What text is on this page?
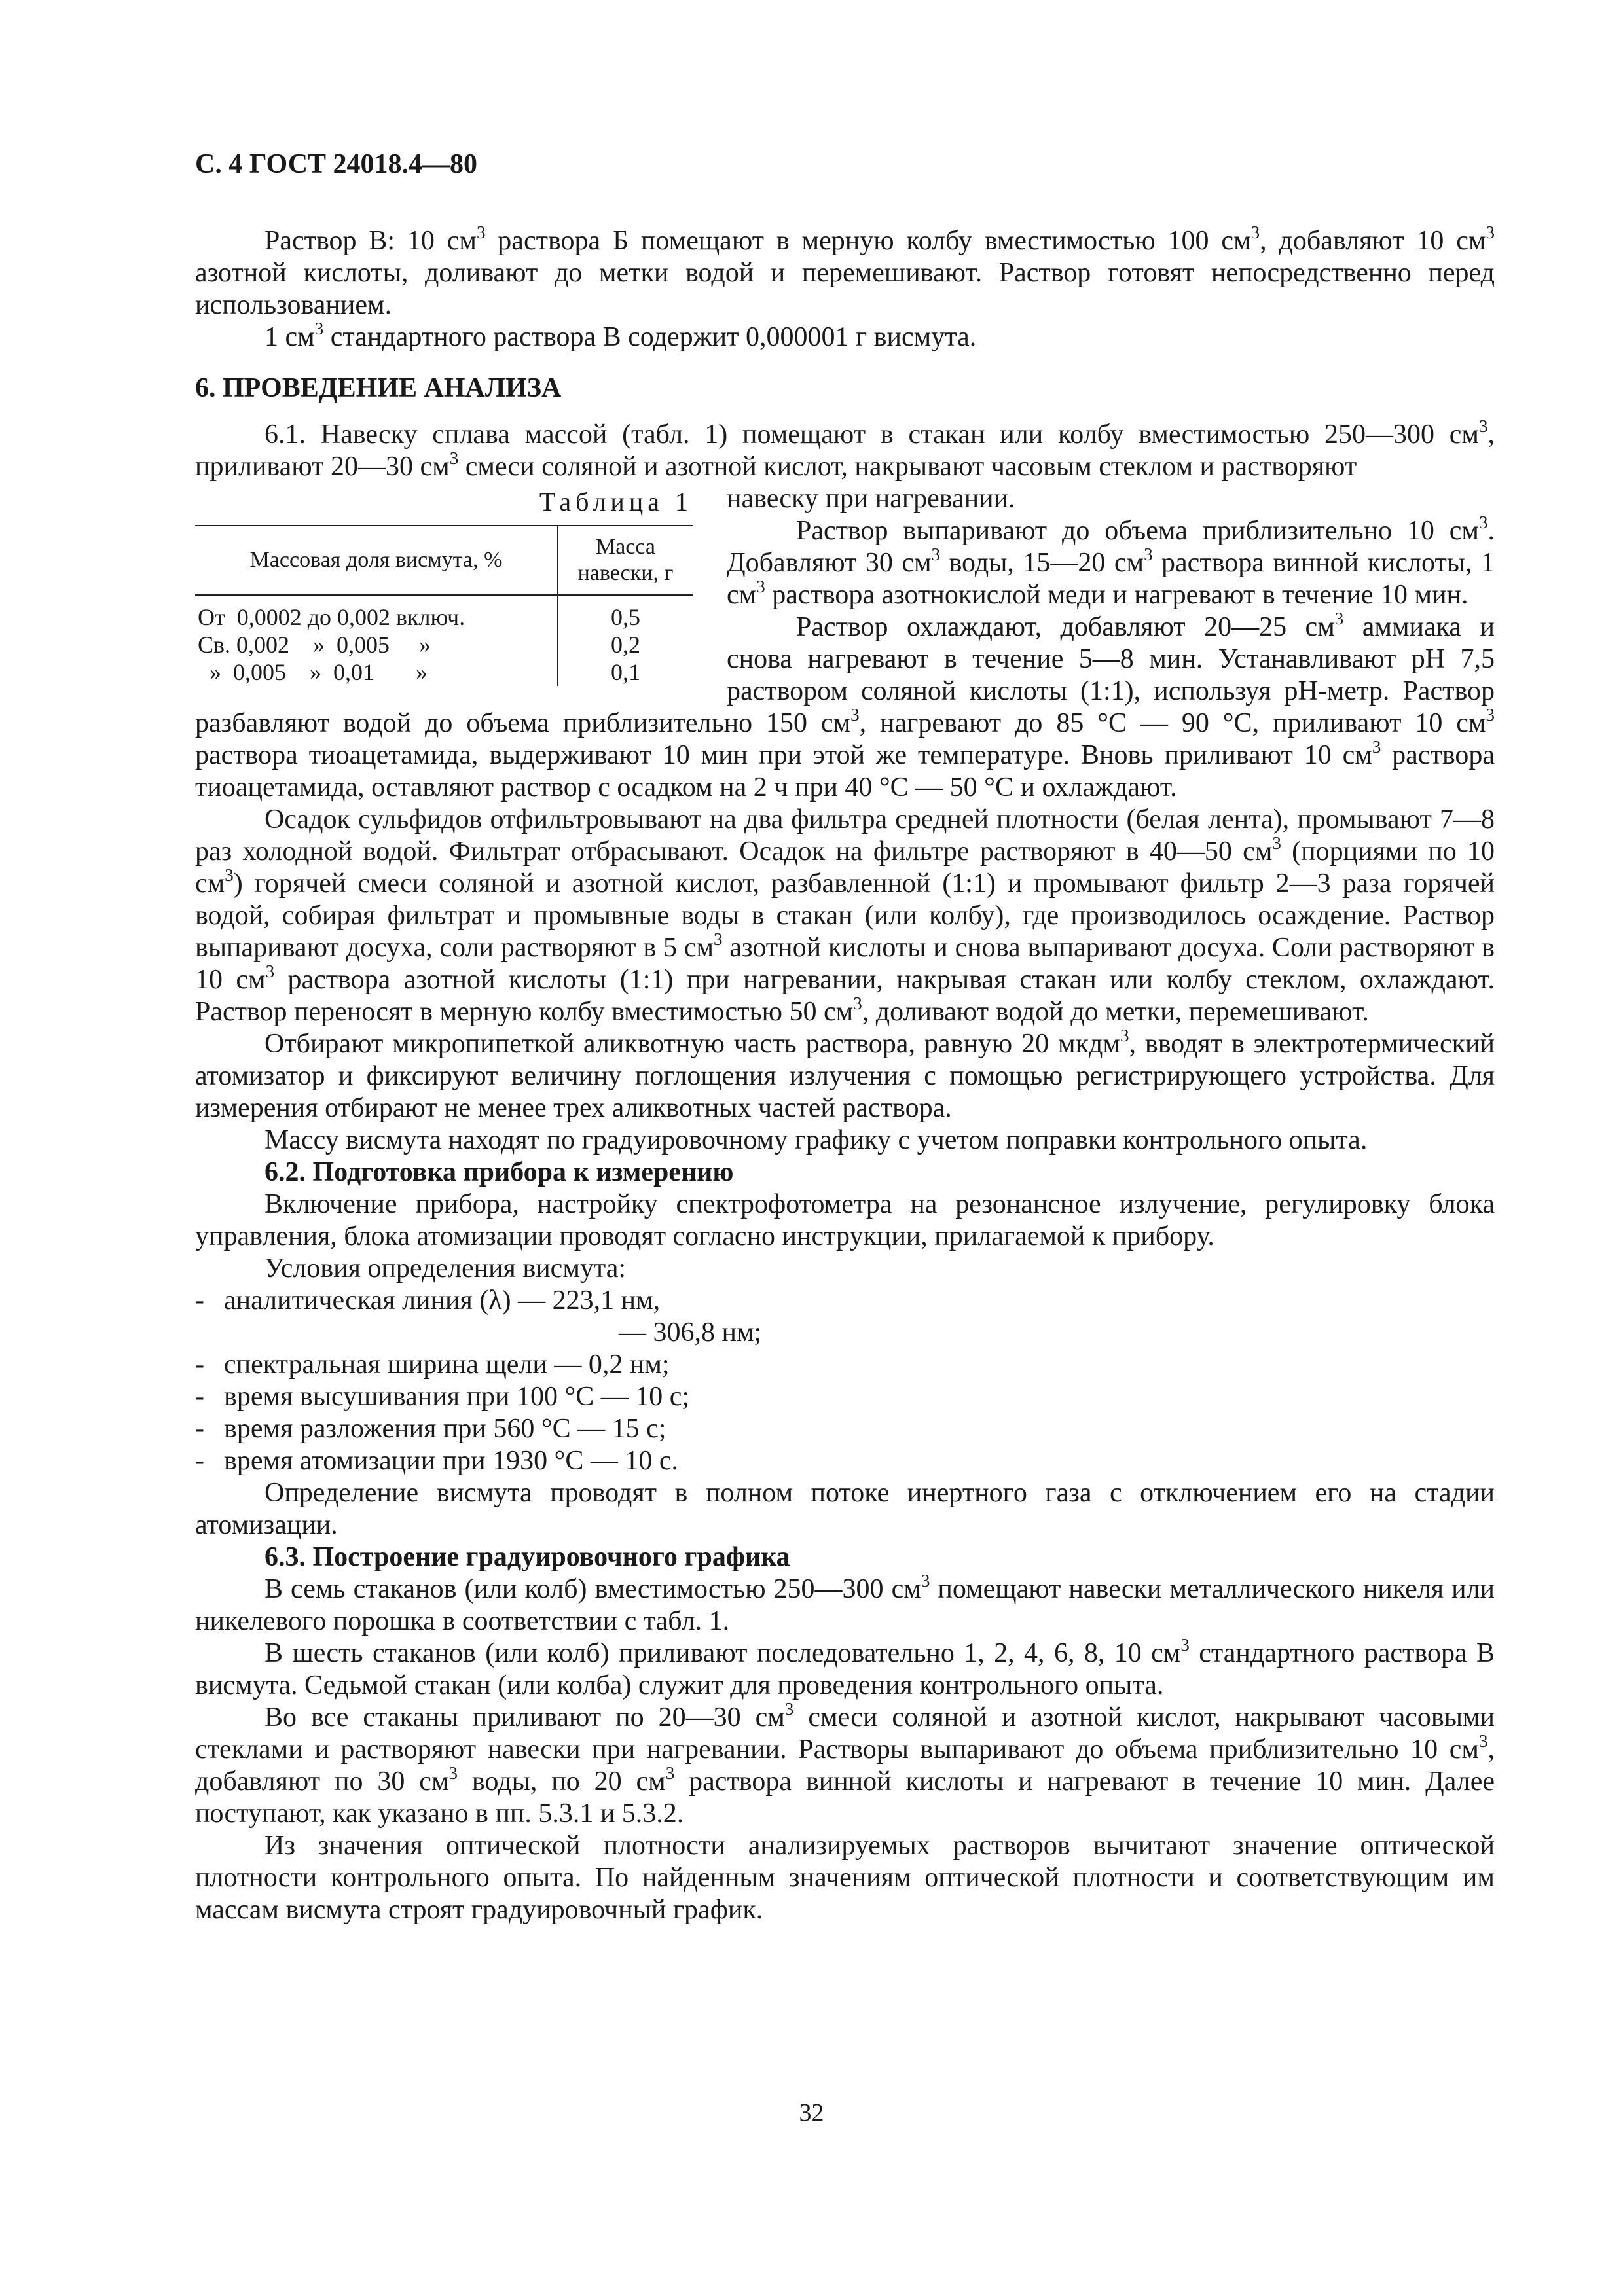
С. 4 ГОСТ 24018.4—80

Раствор В: 10 $см^3$ раствора Б помещают в мерную колбу вместимостью 100 $см^3$, добавляют 10 $см^3$ азотной кислоты, доливают до метки водой и перемешивают. Раствор готовят непосредственно перед использованием.

1 $см^3$ стандартного раствора В содержит 0,000001 г висмута.

6. ПРОВЕДЕНИЕ АНАЛИЗА

6.1. Навеску сплава массой (табл. 1) помещают в стакан или колбу вместимостью 250—300 $см^3$, приливают 20—30 $см^3$ смеси соляной и азотной кислот, накрывают часовым стеклом и растворяют

Таблица 1
Массовая доля висмута, %	Масса навески, г
От  0,0002 до 0,002 включ.	0,5
Св. 0,002    »  0,005     »	0,2
»  0,005    »  0,01       »	0,1

навеску при нагревании.

Раствор выпаривают до объема приблизительно 10 $см^3$. Добавляют 30 $см^3$ воды, 15—20 $см^3$ раствора винной кислоты, 1 $см^3$ раствора азотнокислой меди и нагревают в течение 10 мин.

Раствор охлаждают, добавляют 20—25 $см^3$ аммиака и снова нагревают в течение 5—8 мин. Устанавливают pH 7,5 раствором соляной кислоты (1:1), используя pH-метр. Раствор разбавляют водой до объема приблизительно 150 $см^3$, нагревают до 85 °С — 90 °С, приливают 10 $см^3$ раствора тиоацетамида, выдерживают 10 мин при этой же температуре. Вновь приливают 10 $см^3$ раствора тиоацетамида, оставляют раствор с осадком на 2 ч при 40 °С — 50 °С и охлаждают.

Осадок сульфидов отфильтровывают на два фильтра средней плотности (белая лента), промывают 7—8 раз холодной водой. Фильтрат отбрасывают. Осадок на фильтре растворяют в 40—50 $см^3$ (порциями по 10 $см^3$) горячей смеси соляной и азотной кислот, разбавленной (1:1) и промывают фильтр 2—3 раза горячей водой, собирая фильтрат и промывные воды в стакан (или колбу), где производилось осаждение. Раствор выпаривают досуха, соли растворяют в 5 $см^3$ азотной кислоты и снова выпаривают досуха. Соли растворяют в 10 $см^3$ раствора азотной кислоты (1:1) при нагревании, накрывая стакан или колбу стеклом, охлаждают. Раствор переносят в мерную колбу вместимостью 50 $см^3$, доливают водой до метки, перемешивают.

Отбирают микропипеткой аликвотную часть раствора, равную 20 мкдм$^3$, вводят в электротермический атомизатор и фиксируют величину поглощения излучения с помощью регистрирующего устройства. Для измерения отбирают не менее трех аликвотных частей раствора.

Массу висмута находят по градуировочному графику с учетом поправки контрольного опыта.

6.2. Подготовка прибора к измерению

Включение прибора, настройку спектрофотометра на резонансное излучение, регулировку блока управления, блока атомизации проводят согласно инструкции, прилагаемой к прибору.

Условия определения висмута:

- аналитическая линия (λ) — 223,1 нм,
— 306,8 нм;
- спектральная ширина щели — 0,2 нм;
- время высушивания при 100 °С — 10 с;
- время разложения при 560 °С — 15 с;
- время атомизации при 1930 °С — 10 с.

Определение висмута проводят в полном потоке инертного газа с отключением его на стадии атомизации.

6.3. Построение градуировочного графика

В семь стаканов (или колб) вместимостью 250—300 $см^3$ помещают навески металлического никеля или никелевого порошка в соответствии с табл. 1.

В шесть стаканов (или колб) приливают последовательно 1, 2, 4, 6, 8, 10 $см^3$ стандартного раствора В висмута. Седьмой стакан (или колба) служит для проведения контрольного опыта.

Во все стаканы приливают по 20—30 $см^3$ смеси соляной и азотной кислот, накрывают часовыми стеклами и растворяют навески при нагревании. Растворы выпаривают до объема приблизительно 10 $см^3$, добавляют по 30 $см^3$ воды, по 20 $см^3$ раствора винной кислоты и нагревают в течение 10 мин. Далее поступают, как указано в пп. 5.3.1 и 5.3.2.

Из значения оптической плотности анализируемых растворов вычитают значение оптической плотности контрольного опыта. По найденным значениям оптической плотности и соответствующим им массам висмута строят градуировочный график.

32
